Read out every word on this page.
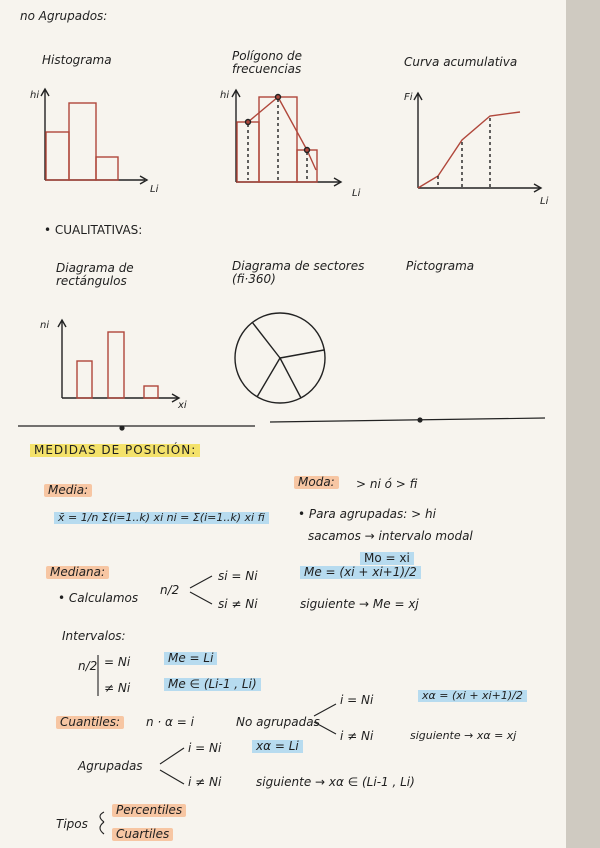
no Agrupados:
Histograma	Polígono de frecuencias
Curva acumulativa
hi
Li
hi
Li
Fi
Li
• CUALITATIVAS:
Diagrama de rectángulos
Diagrama de sectores (fi·360)
Pictograma
ni
xi
MEDIDAS DE POSICIÓN:
Media:
x̄ = 1/n Σ(i=1..k) xi ni = Σ(i=1..k) xi fi
Moda:	> ni ó > fi
• Para agrupadas: > hi
sacamos → intervalo modal
Mo = xi
Mediana:
• Calculamos
n/2
si = Ni	Me = (xi + xi+1)/2
si ≠ Ni	siguiente → Me = xj
Intervalos:
n/2 = Ni	Me = Li
≠ Ni	Me ∈ (Li-1 , Li)
Cuantiles:	n · α = i	No agrupadas
i = Ni	xα = (xi + xi+1)/2
i ≠ Ni	siguiente → xα = xj
Agrupadas
i = Ni	xα = Li
i ≠ Ni	siguiente → xα ∈ (Li-1 , Li)
Tipos
Percentiles
Cuartiles
